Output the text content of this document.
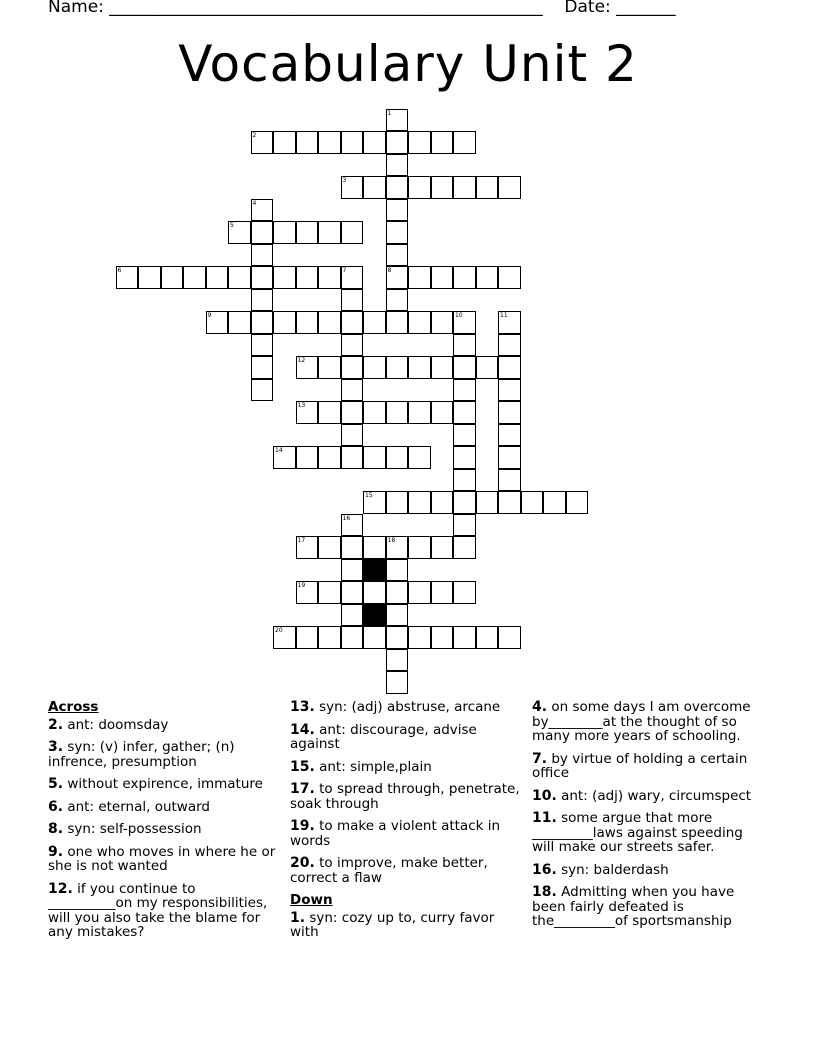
Name: ___________________________________________________    Date: _______
Vocabulary Unit 2
1
2
3
4
5
6	7	8
9	10	11
12
13
14
15
16
17	18
19
20
Across
2. ant: doomsday
3. syn: (v) infer, gather; (n) infrence, presumption
5. without expirence, immature
6. ant: eternal, outward
8. syn: self-possession
9. one who moves in where he or she is not wanted
12. if you continue to __________on my responsibilities, will you also take the blame for any mistakes?
13. syn: (adj) abstruse, arcane
14. ant: discourage, advise against
15. ant: simple,plain
17. to spread through, penetrate, soak through
19. to make a violent attack in words
20. to improve, make better, correct a flaw
Down
1. syn: cozy up to, curry favor with
4. on some days I am overcome by________at the thought of so many more years of schooling.
7. by virtue of holding a certain office
10. ant: (adj) wary, circumspect
11. some argue that more _________laws against speeding will make our streets safer.
16. syn: balderdash
18. Admitting when you have been fairly defeated is the_________of sportsmanship
